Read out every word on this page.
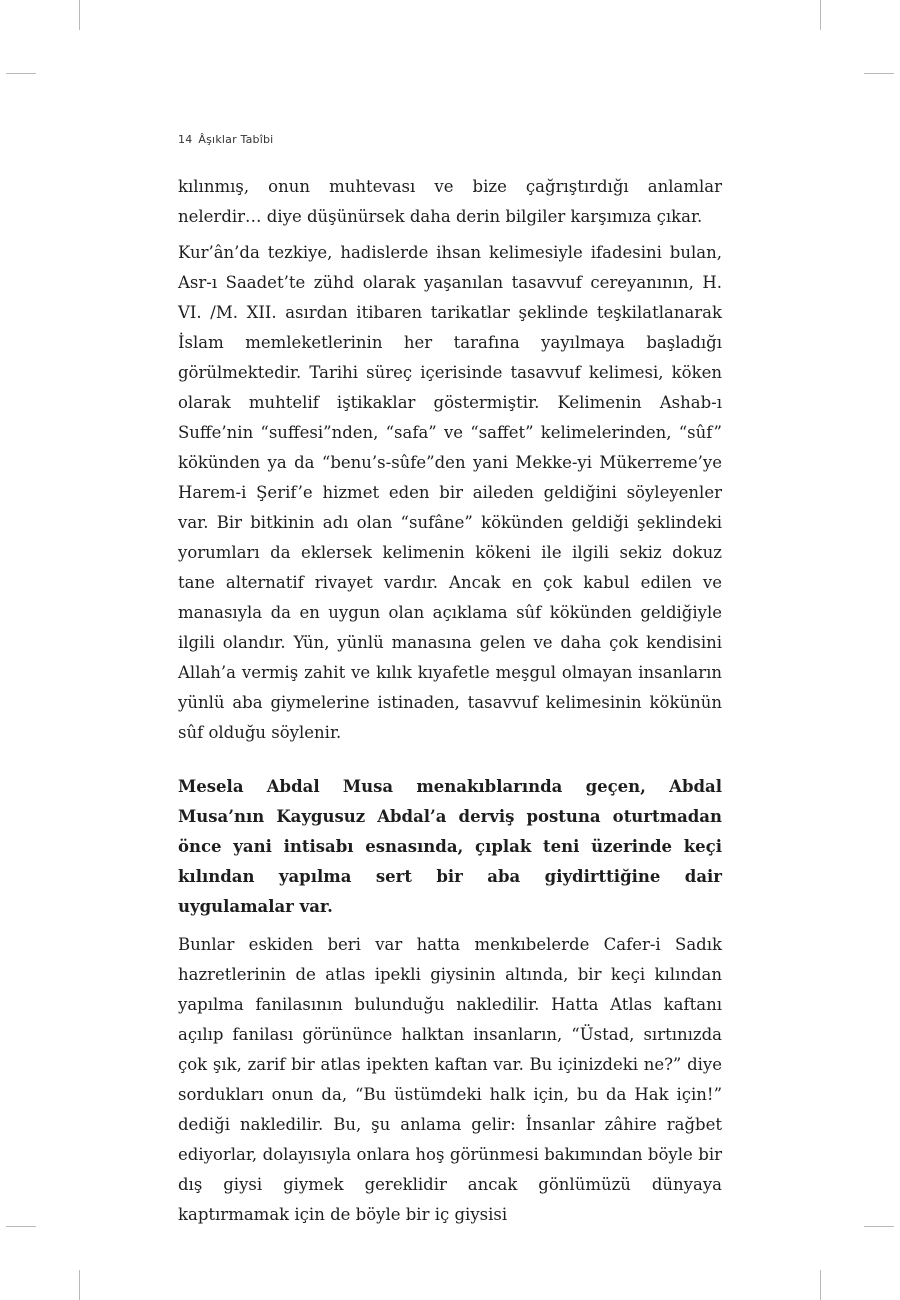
14 Âşıklar Tabîbi

kılınmış, onun muhtevası ve bize çağrıştırdığı anlamlar nelerdir… diye düşünürsek daha derin bilgiler karşımıza çıkar.

Kur’ân’da tezkiye, hadislerde ihsan kelimesiyle ifadesini bulan, Asr-ı Saadet’te zühd olarak yaşanılan tasavvuf cereyanının, H. VI. /M. XII. asırdan itibaren tarikatlar şeklinde teşkilatlanarak İslam memleketlerinin her tarafına yayılmaya başladığı görülmektedir. Tarihi süreç içerisinde tasavvuf kelimesi, köken olarak muhtelif iştikaklar göstermiştir. Kelimenin Ashab-ı Suffe’nin “suffesi”nden, “safa” ve “saffet” kelimelerinden, “sûf” kökünden ya da “benu’s-sûfe”den yani Mekke-yi Mükerreme’ye Harem-i Şerif’e hizmet eden bir aileden geldiğini söyleyenler var. Bir bitkinin adı olan “sufâne” kökünden geldiği şeklindeki yorumları da eklersek kelimenin kökeni ile ilgili sekiz dokuz tane alternatif rivayet vardır. Ancak en çok kabul edilen ve manasıyla da en uygun olan açıklama sûf kökünden geldiğiyle ilgili olandır. Yün, yünlü manasına gelen ve daha çok kendisini Allah’a vermiş zahit ve kılık kıyafetle meşgul olmayan insanların yünlü aba giymelerine istinaden, tasavvuf kelimesinin kökünün sûf olduğu söylenir.

Mesela Abdal Musa menakıblarında geçen, Abdal Musa’nın Kaygusuz Abdal’a derviş postuna oturtmadan önce yani intisabı esnasında, çıplak teni üzerinde keçi kılından yapılma sert bir aba giydirttiğine dair uygulamalar var.

Bunlar eskiden beri var hatta menkıbelerde Cafer-i Sadık hazretlerinin de atlas ipekli giysinin altında, bir keçi kılından yapılma fanilasının bulunduğu nakledilir. Hatta Atlas kaftanı açılıp fanilası görününce halktan insanların, “Üstad, sırtınızda çok şık, zarif bir atlas ipekten kaftan var. Bu içinizdeki ne?” diye sordukları onun da, “Bu üstümdeki halk için, bu da Hak için!” dediği nakledilir. Bu, şu anlama gelir: İnsanlar zâhire rağbet ediyorlar, dolayısıyla onlara hoş görünmesi bakımından böyle bir dış giysi giymek gereklidir ancak gönlümüzü dünyaya kaptırmamak için de böyle bir iç giysisi
